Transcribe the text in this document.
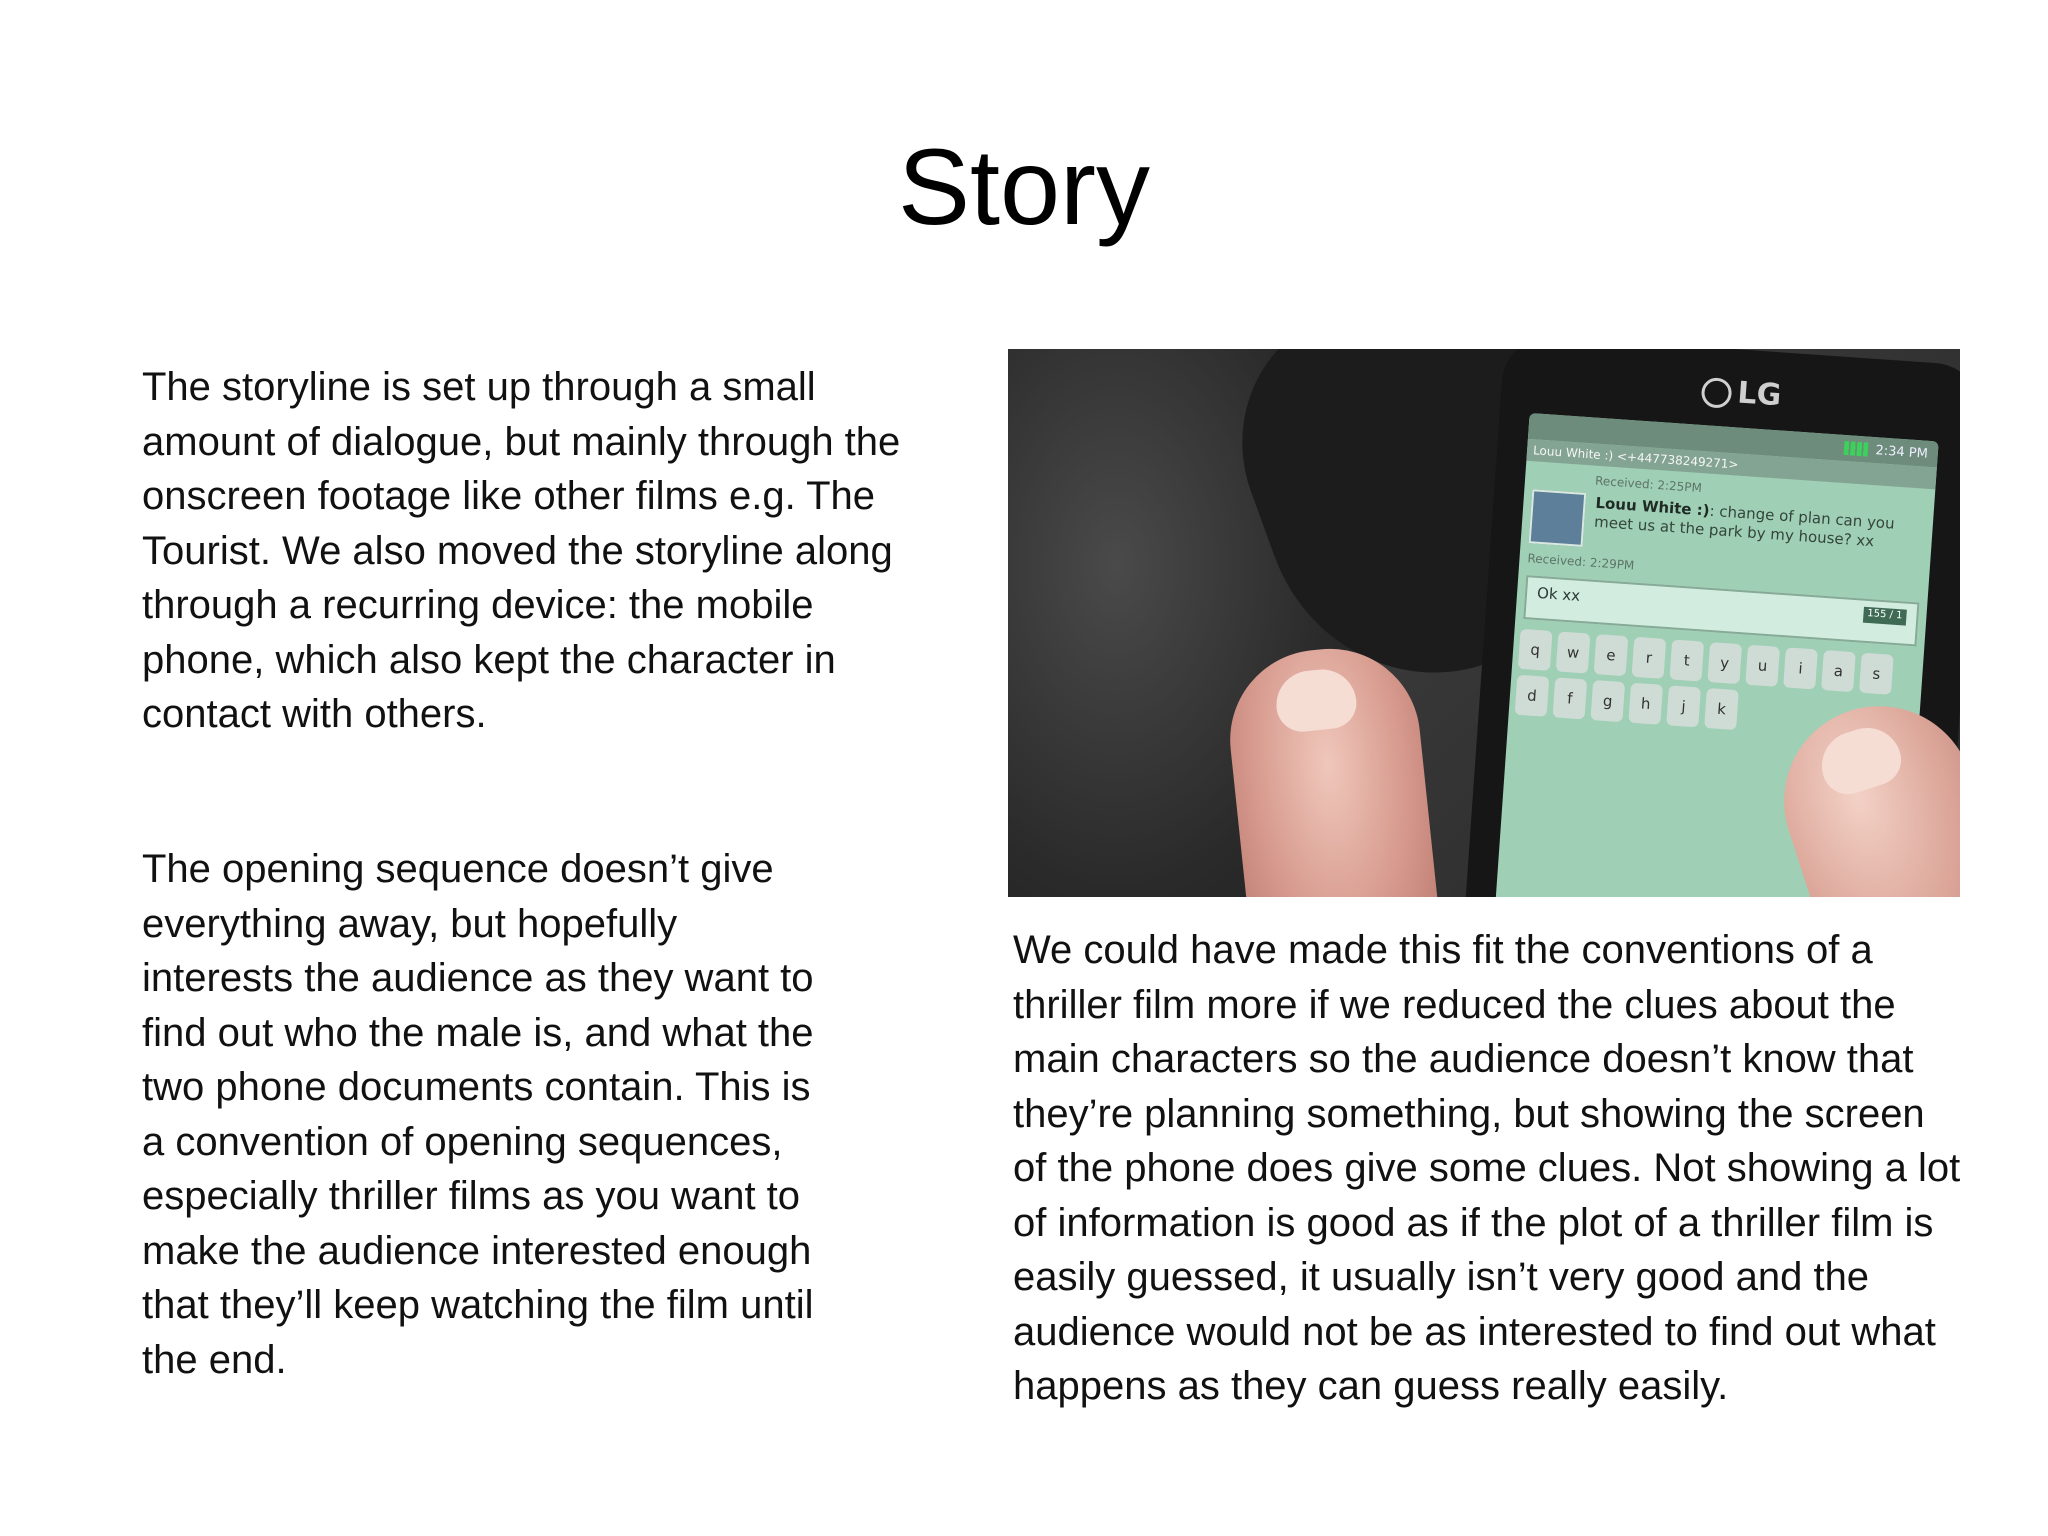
Story

The storyline is set up through a small amount of dialogue, but mainly through the onscreen footage like other films e.g. The Tourist. We also moved the storyline along through a recurring device: the mobile phone, which also kept the character in contact with others.

The opening sequence doesn’t give everything away, but hopefully interests the audience as they want to find out who the male is, and what the two phone documents contain. This is a convention of opening sequences, especially thriller films as you want to make the audience interested enough that they’ll keep watching the film until the end.

LG
2:34 PM
Louu White :) <+447738249271>
Received: 2:25PM
Louu White :): change of plan can you meet us at the park by my house? xx
Received: 2:29PM
Ok xx
155 / 1
q	w	e	r	t	y	u	i	a	s
d	f	g	h	j	k

We could have made this fit the conventions of a thriller film more if we reduced the clues about the main characters so the audience doesn’t know that they’re planning something, but showing the screen of the phone does give some clues. Not showing a lot of information is good as if the plot of a thriller film is easily guessed, it usually isn’t very good and the audience would not be as interested to find out what happens as they can guess really easily.
